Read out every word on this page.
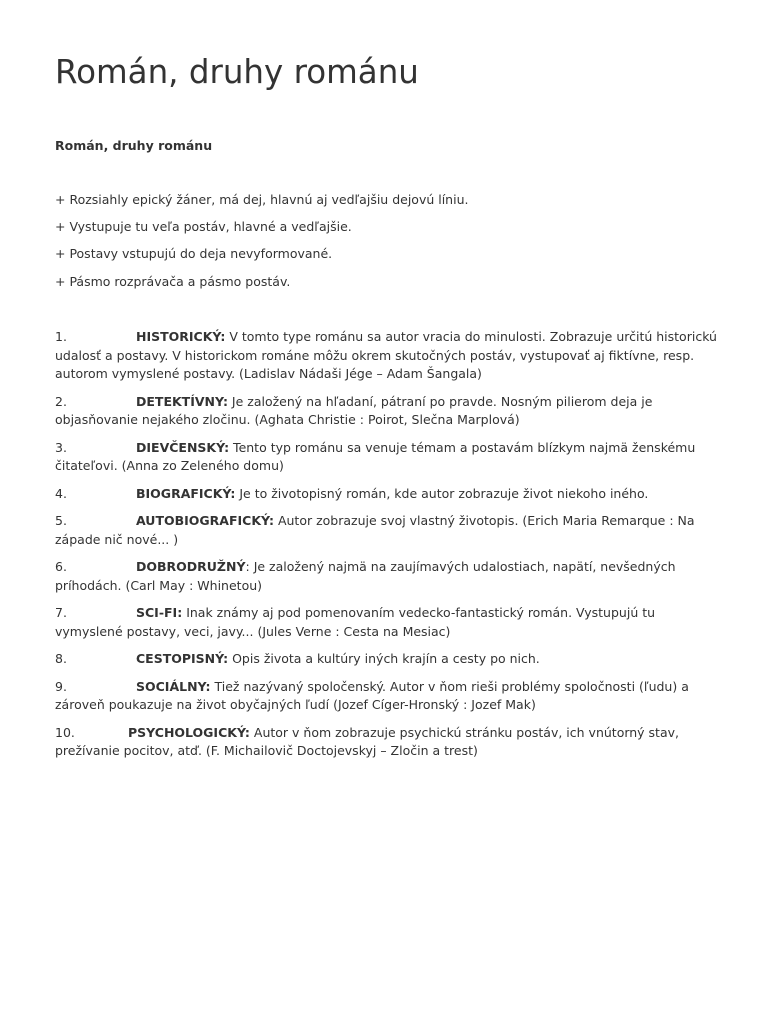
Román, druhy románu
Román, druhy románu
+ Rozsiahly epický žáner, má dej, hlavnú aj vedľajšiu dejovú líniu.
+ Vystupuje tu veľa postáv, hlavné a vedľajšie.
+ Postavy vstupujú do deja nevyformované.
+ Pásmo rozprávača a pásmo postáv.
1.	HISTORICKÝ: V tomto type románu sa autor vracia do minulosti. Zobrazuje určitú historickú udalosť a postavy. V historickom románe môžu okrem skutočných postáv, vystupovať aj fiktívne, resp. autorom vymyslené postavy. (Ladislav Nádaši Jége – Adam Šangala)
2.	DETEKTÍVNY: Je založený na hľadaní, pátraní po pravde. Nosným pilierom deja je objasňovanie nejakého zločinu. (Aghata Christie : Poirot, Slečna Marplová)
3.	DIEVČENSKÝ: Tento typ románu sa venuje témam a postavám blízkym najmä ženskému čitateľovi. (Anna zo Zeleného domu)
4.	BIOGRAFICKÝ: Je to životopisný román, kde autor zobrazuje život niekoho iného.
5.	AUTOBIOGRAFICKÝ: Autor zobrazuje svoj vlastný životopis. (Erich Maria Remarque : Na západe nič nové... )
6.	DOBRODRUŽNÝ: Je založený najmä na zaujímavých udalostiach, napätí, nevšedných príhodách. (Carl May : Whinetou)
7.	SCI-FI: Inak známy aj pod pomenovaním vedecko-fantastický román. Vystupujú tu vymyslené postavy, veci, javy... (Jules Verne : Cesta na Mesiac)
8.	CESTOPISNÝ: Opis života a kultúry iných krajín a cesty po nich.
9.	SOCIÁLNY: Tiež nazývaný spoločenský. Autor v ňom rieši problémy spoločnosti (ľudu) a zároveň poukazuje na život obyčajných ľudí (Jozef Cíger-Hronský : Jozef Mak)
10.	PSYCHOLOGICKÝ: Autor v ňom zobrazuje psychickú stránku postáv, ich vnútorný stav, prežívanie pocitov, atď. (F. Michailovič Doctojevskyj – Zločin a trest)
